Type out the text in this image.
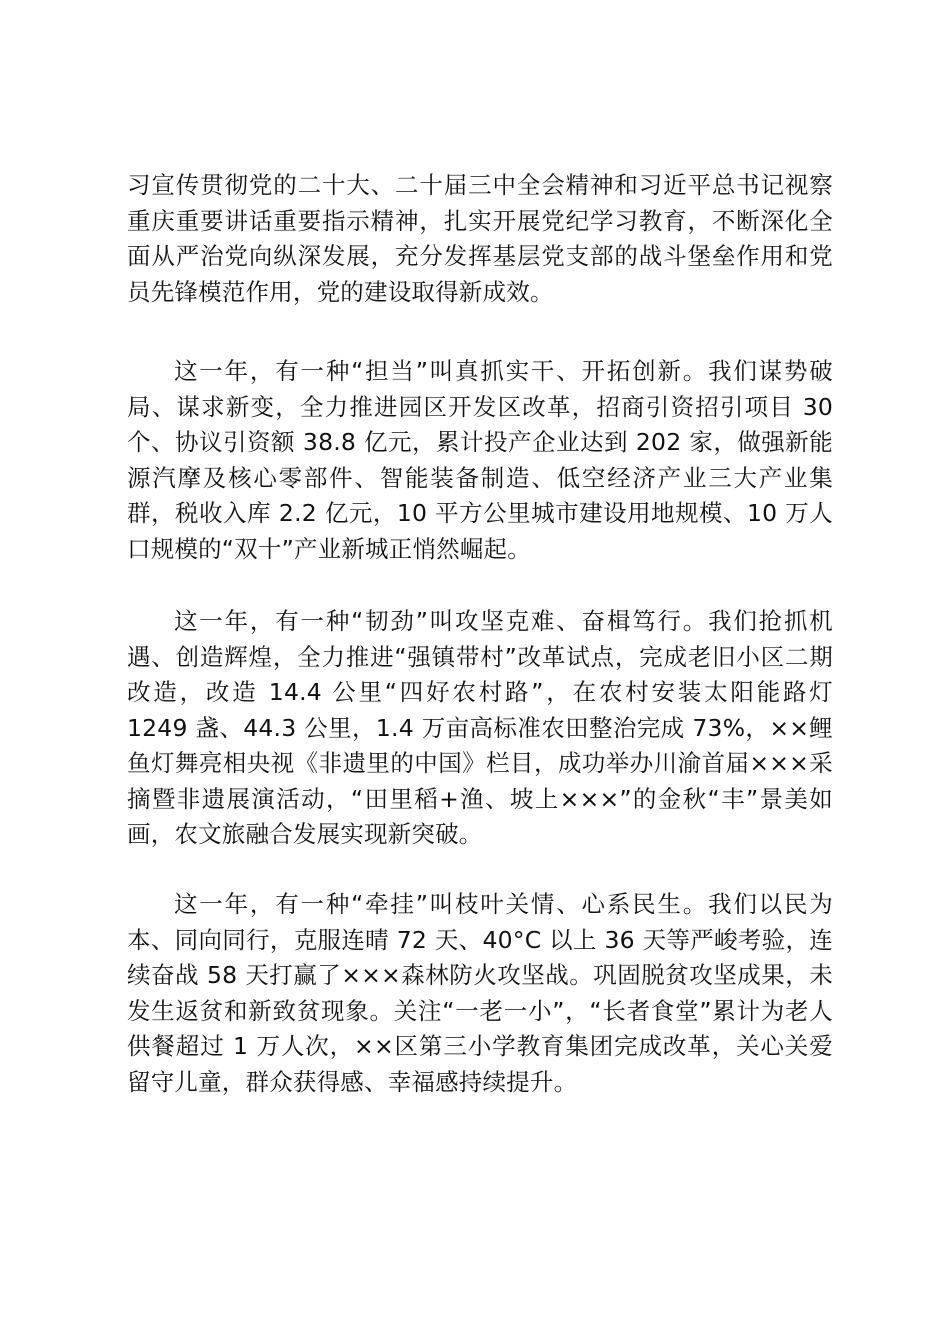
习宣传贯彻党的二十大、二十届三中全会精神和习近平总书记视察重庆重要讲话重要指示精神，扎实开展党纪学习教育，不断深化全面从严治党向纵深发展，充分发挥基层党支部的战斗堡垒作用和党员先锋模范作用，党的建设取得新成效。

这一年，有一种“担当”叫真抓实干、开拓创新。我们谋势破局、谋求新变，全力推进园区开发区改革，招商引资招引项目 30 个、协议引资额 38.8 亿元，累计投产企业达到 202 家，做强新能源汽摩及核心零部件、智能装备制造、低空经济产业三大产业集群，税收入库 2.2 亿元，10 平方公里城市建设用地规模、10 万人口规模的“双十”产业新城正悄然崛起。

这一年，有一种“韧劲”叫攻坚克难、奋楫笃行。我们抢抓机遇、创造辉煌，全力推进“强镇带村”改革试点，完成老旧小区二期改造，改造 14.4 公里“四好农村路”，在农村安装太阳能路灯 1249 盏、44.3 公里，1.4 万亩高标准农田整治完成 73%，××鲤鱼灯舞亮相央视《非遗里的中国》栏目，成功举办川渝首届×××采摘暨非遗展演活动，“田里稻+渔、坡上×××”的金秋“丰”景美如画，农文旅融合发展实现新突破。

这一年，有一种“牵挂”叫枝叶关情、心系民生。我们以民为本、同向同行，克服连晴 72 天、40°C 以上 36 天等严峻考验，连续奋战 58 天打赢了×××森林防火攻坚战。巩固脱贫攻坚成果，未发生返贫和新致贫现象。关注“一老一小”，“长者食堂”累计为老人供餐超过 1 万人次，××区第三小学教育集团完成改革，关心关爱留守儿童，群众获得感、幸福感持续提升。
